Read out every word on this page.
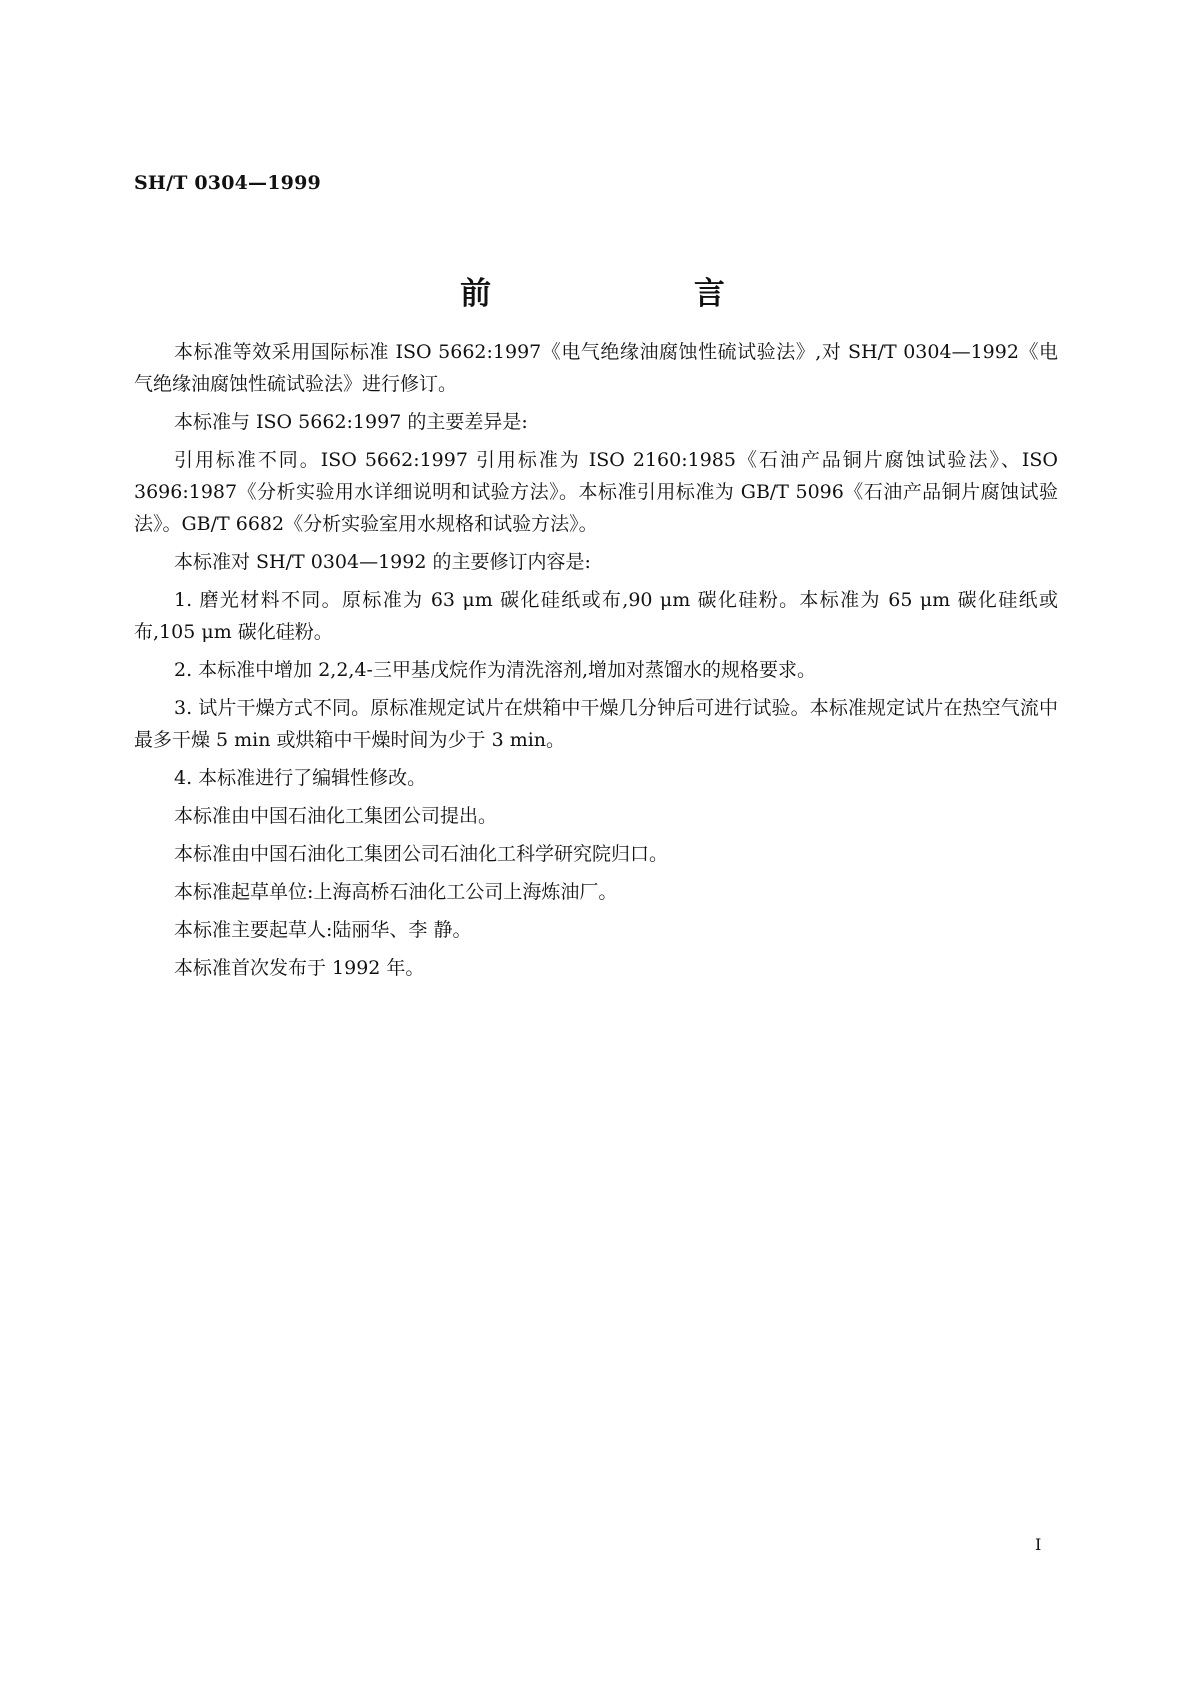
SH/T 0304—1999
前 言

本标准等效采用国际标准 ISO 5662:1997《电气绝缘油腐蚀性硫试验法》,对 SH/T 0304—1992《电气绝缘油腐蚀性硫试验法》进行修订。

本标准与 ISO 5662:1997 的主要差异是:

引用标准不同。ISO 5662:1997 引用标准为 ISO 2160:1985《石油产品铜片腐蚀试验法》、ISO 3696:1987《分析实验用水详细说明和试验方法》。本标准引用标准为 GB/T 5096《石油产品铜片腐蚀试验法》。GB/T 6682《分析实验室用水规格和试验方法》。

本标准对 SH/T 0304—1992 的主要修订内容是:

1. 磨光材料不同。原标准为 63 μm 碳化硅纸或布,90 μm 碳化硅粉。本标准为 65 μm 碳化硅纸或布,105 μm 碳化硅粉。

2. 本标准中增加 2,2,4-三甲基戊烷作为清洗溶剂,增加对蒸馏水的规格要求。

3. 试片干燥方式不同。原标准规定试片在烘箱中干燥几分钟后可进行试验。本标准规定试片在热空气流中最多干燥 5 min 或烘箱中干燥时间为少于 3 min。

4. 本标准进行了编辑性修改。

本标准由中国石油化工集团公司提出。

本标准由中国石油化工集团公司石油化工科学研究院归口。

本标准起草单位:上海高桥石油化工公司上海炼油厂。

本标准主要起草人:陆丽华、李 静。

本标准首次发布于 1992 年。

I
